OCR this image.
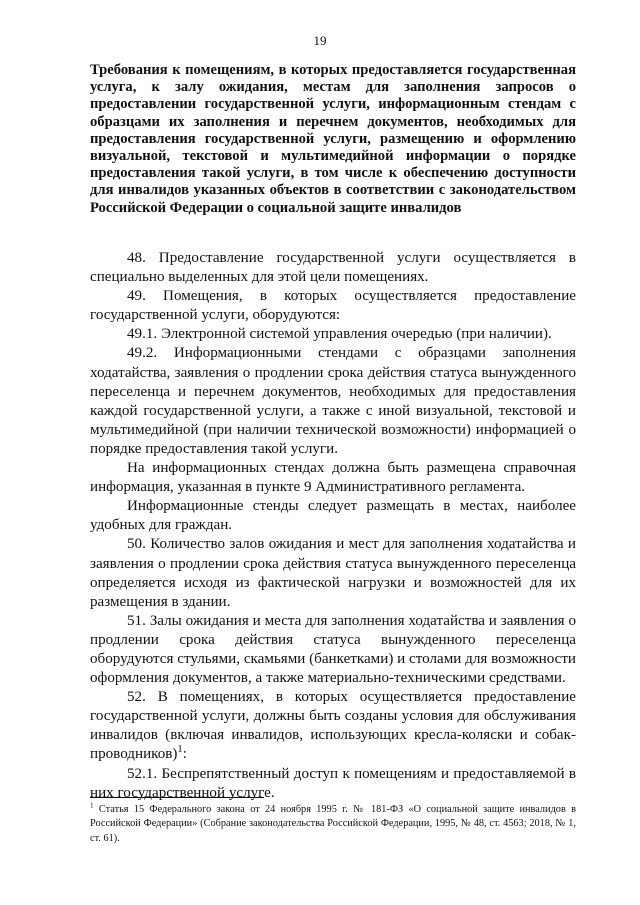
19

Требования к помещениям, в которых предоставляется государственная услуга, к залу ожидания, местам для заполнения запросов о предоставлении государственной услуги, информационным стендам с образцами их заполнения и перечнем документов, необходимых для предоставления государственной услуги, размещению и оформлению визуальной, текстовой и мультимедийной информации о порядке предоставления такой услуги, в том числе к обеспечению доступности для инвалидов указанных объектов в соответствии с законодательством Российской Федерации о социальной защите инвалидов

48. Предоставление государственной услуги осуществляется в специально выделенных для этой цели помещениях.

49. Помещения, в которых осуществляется предоставление государственной услуги, оборудуются:

49.1. Электронной системой управления очередью (при наличии).

49.2. Информационными стендами с образцами заполнения ходатайства, заявления о продлении срока действия статуса вынужденного переселенца и перечнем документов, необходимых для предоставления каждой государственной услуги, а также с иной визуальной, текстовой и мультимедийной (при наличии технической возможности) информацией о порядке предоставления такой услуги.

На информационных стендах должна быть размещена справочная информация, указанная в пункте 9 Административного регламента.

Информационные стенды следует размещать в местах, наиболее удобных для граждан.

50. Количество залов ожидания и мест для заполнения ходатайства и заявления о продлении срока действия статуса вынужденного переселенца определяется исходя из фактической нагрузки и возможностей для их размещения в здании.

51. Залы ожидания и места для заполнения ходатайства и заявления о продлении срока действия статуса вынужденного переселенца оборудуются стульями, скамьями (банкетками) и столами для возможности оформления документов, а также материально-техническими средствами.

52. В помещениях, в которых осуществляется предоставление государственной услуги, должны быть созданы условия для обслуживания инвалидов (включая инвалидов, использующих кресла-коляски и собак-проводников)$^1$:

52.1. Беспрепятственный доступ к помещениям и предоставляемой в них государственной услуге.

$^1$ Статья 15 Федерального закона от 24 ноября 1995 г. № 181-ФЗ «О социальной защите инвалидов в Российской Федерации» (Собрание законодательства Российской Федерации, 1995, № 48, ст. 4563; 2018, № 1, ст. 61).
